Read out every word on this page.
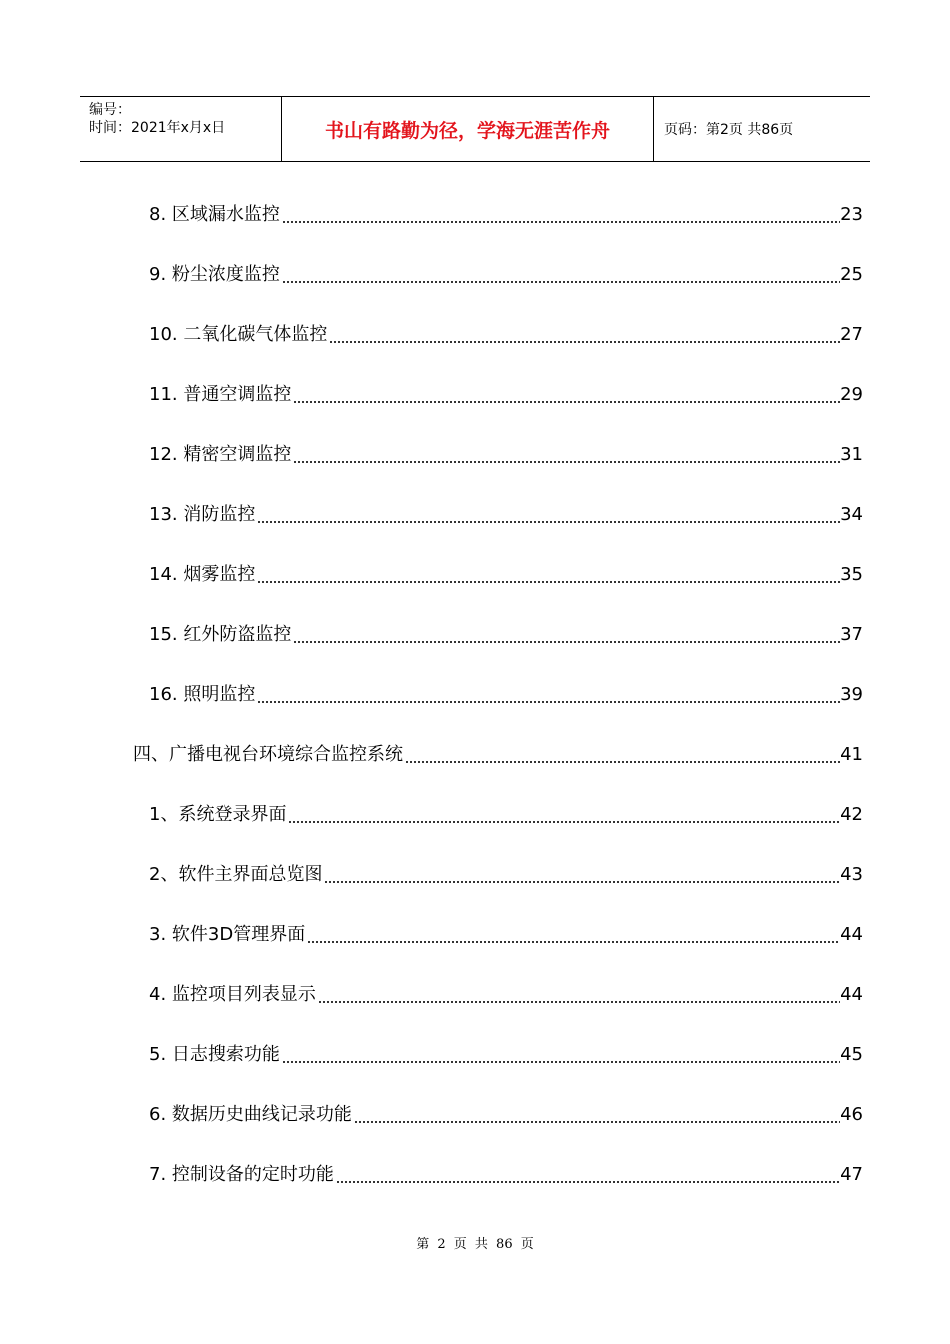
编号：
时间：2021年x月x日	书山有路勤为径，学海无涯苦作舟	页码：第2页 共86页
8. 区域漏水监控	23
9. 粉尘浓度监控	25
10. 二氧化碳气体监控	27
11. 普通空调监控	29
12. 精密空调监控	31
13. 消防监控	34
14. 烟雾监控	35
15. 红外防盗监控	37
16. 照明监控	39
四、广播电视台环境综合监控系统	41
1、系统登录界面	42
2、软件主界面总览图	43
3. 软件3D管理界面	44
4. 监控项目列表显示	44
5. 日志搜索功能	45
6. 数据历史曲线记录功能	46
7. 控制设备的定时功能	47
第 2 页 共 86 页
